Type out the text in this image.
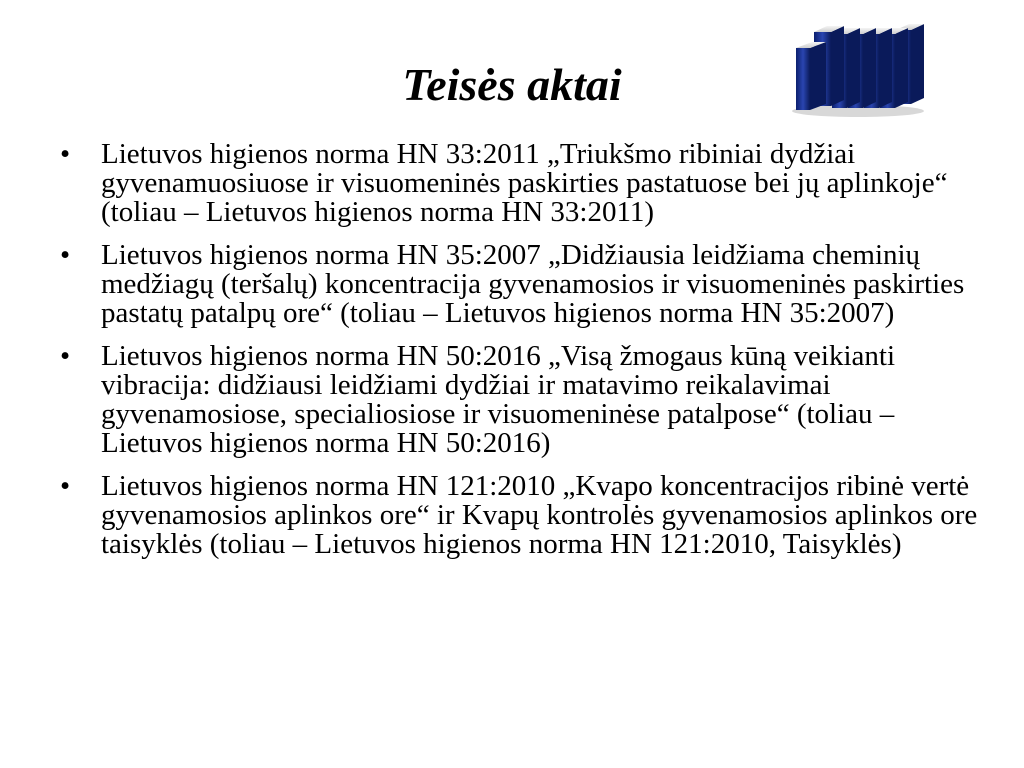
Teisės aktai
• Lietuvos higienos norma HN 33:2011 „Triukšmo ribiniai dydžiai gyvenamuosiuose ir visuomeninės paskirties pastatuose bei jų aplinkoje“ (toliau – Lietuvos higienos norma HN 33:2011)
• Lietuvos higienos norma HN 35:2007 „Didžiausia leidžiama cheminių medžiagų (teršalų) koncentracija gyvenamosios ir visuomeninės paskirties pastatų patalpų ore“ (toliau – Lietuvos higienos norma HN 35:2007)
• Lietuvos higienos norma HN 50:2016 „Visą žmogaus kūną veikianti vibracija: didžiausi leidžiami dydžiai ir matavimo reikalavimai gyvenamosiose, specialiosiose ir visuomeninėse patalpose“ (toliau – Lietuvos higienos norma HN 50:2016)
• Lietuvos higienos norma HN 121:2010 „Kvapo koncentracijos ribinė vertė gyvenamosios aplinkos ore“ ir Kvapų kontrolės gyvenamosios aplinkos ore taisyklės (toliau – Lietuvos higienos norma HN 121:2010, Taisyklės)
